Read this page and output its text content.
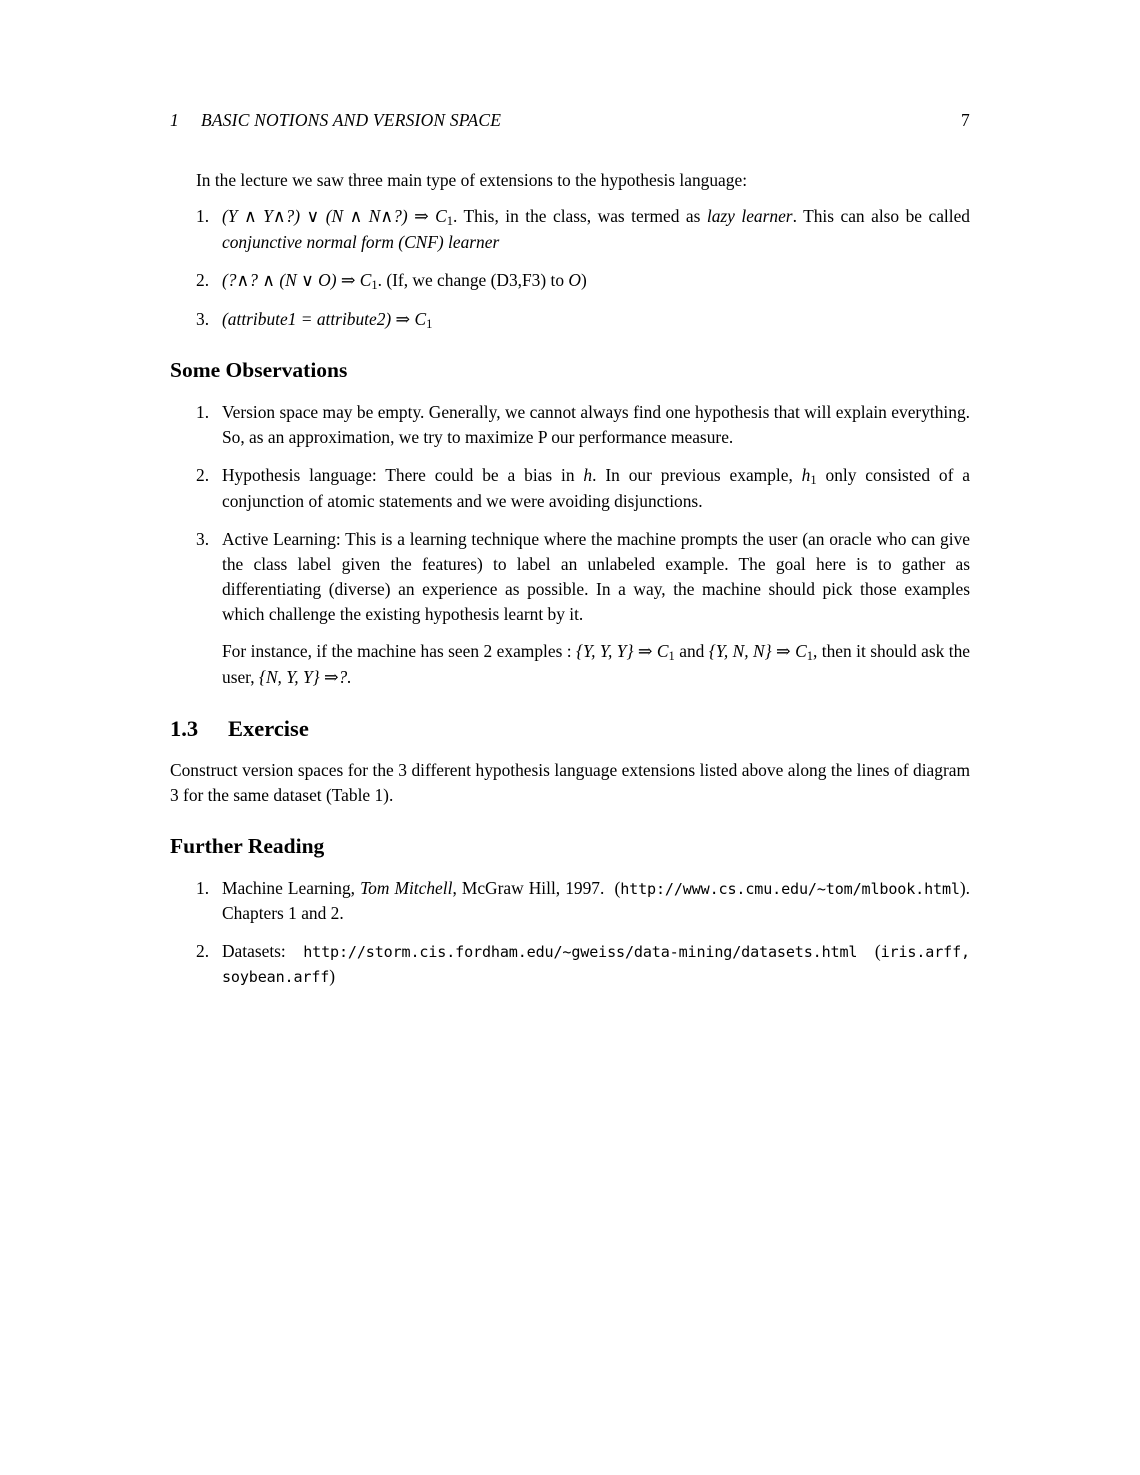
1 BASIC NOTIONS AND VERSION SPACE	7

In the lecture we saw three main type of extensions to the hypothesis language:

1. (Y ∧ Y∧?) ∨ (N ∧ N∧?) ⇒ $C_1$. This, in the class, was termed as lazy learner. This can also be called conjunctive normal form (CNF) learner
2. (?∧? ∧ (N ∨ O) ⇒ $C_1$. (If, we change (D3,F3) to O)
3. (attribute1 = attribute2) ⇒ $C_1$
Some Observations
1. Version space may be empty. Generally, we cannot always find one hypothesis that will explain everything. So, as an approximation, we try to maximize P our performance measure.
2. Hypothesis language: There could be a bias in h. In our previous example, $h_1$ only consisted of a conjunction of atomic statements and we were avoiding disjunctions.
3. Active Learning: This is a learning technique where the machine prompts the user (an oracle who can give the class label given the features) to label an unlabeled example. The goal here is to gather as differentiating (diverse) an experience as possible. In a way, the machine should pick those examples which challenge the existing hypothesis learnt by it.

For instance, if the machine has seen 2 examples : {Y, Y, Y} ⇒ $C_1$ and {Y, N, N} ⇒ $C_1$, then it should ask the user, {N, Y, Y} ⇒?.

1.3	Exercise

Construct version spaces for the 3 different hypothesis language extensions listed above along the lines of diagram 3 for the same dataset (Table 1).

Further Reading
1. Machine Learning, Tom Mitchell, McGraw Hill, 1997.  (http://www.cs.cmu.edu/~tom/mlbook.html). Chapters 1 and 2.
2. Datasets: http://storm.cis.fordham.edu/~gweiss/data-mining/datasets.html (iris.arff, soybean.arff)
